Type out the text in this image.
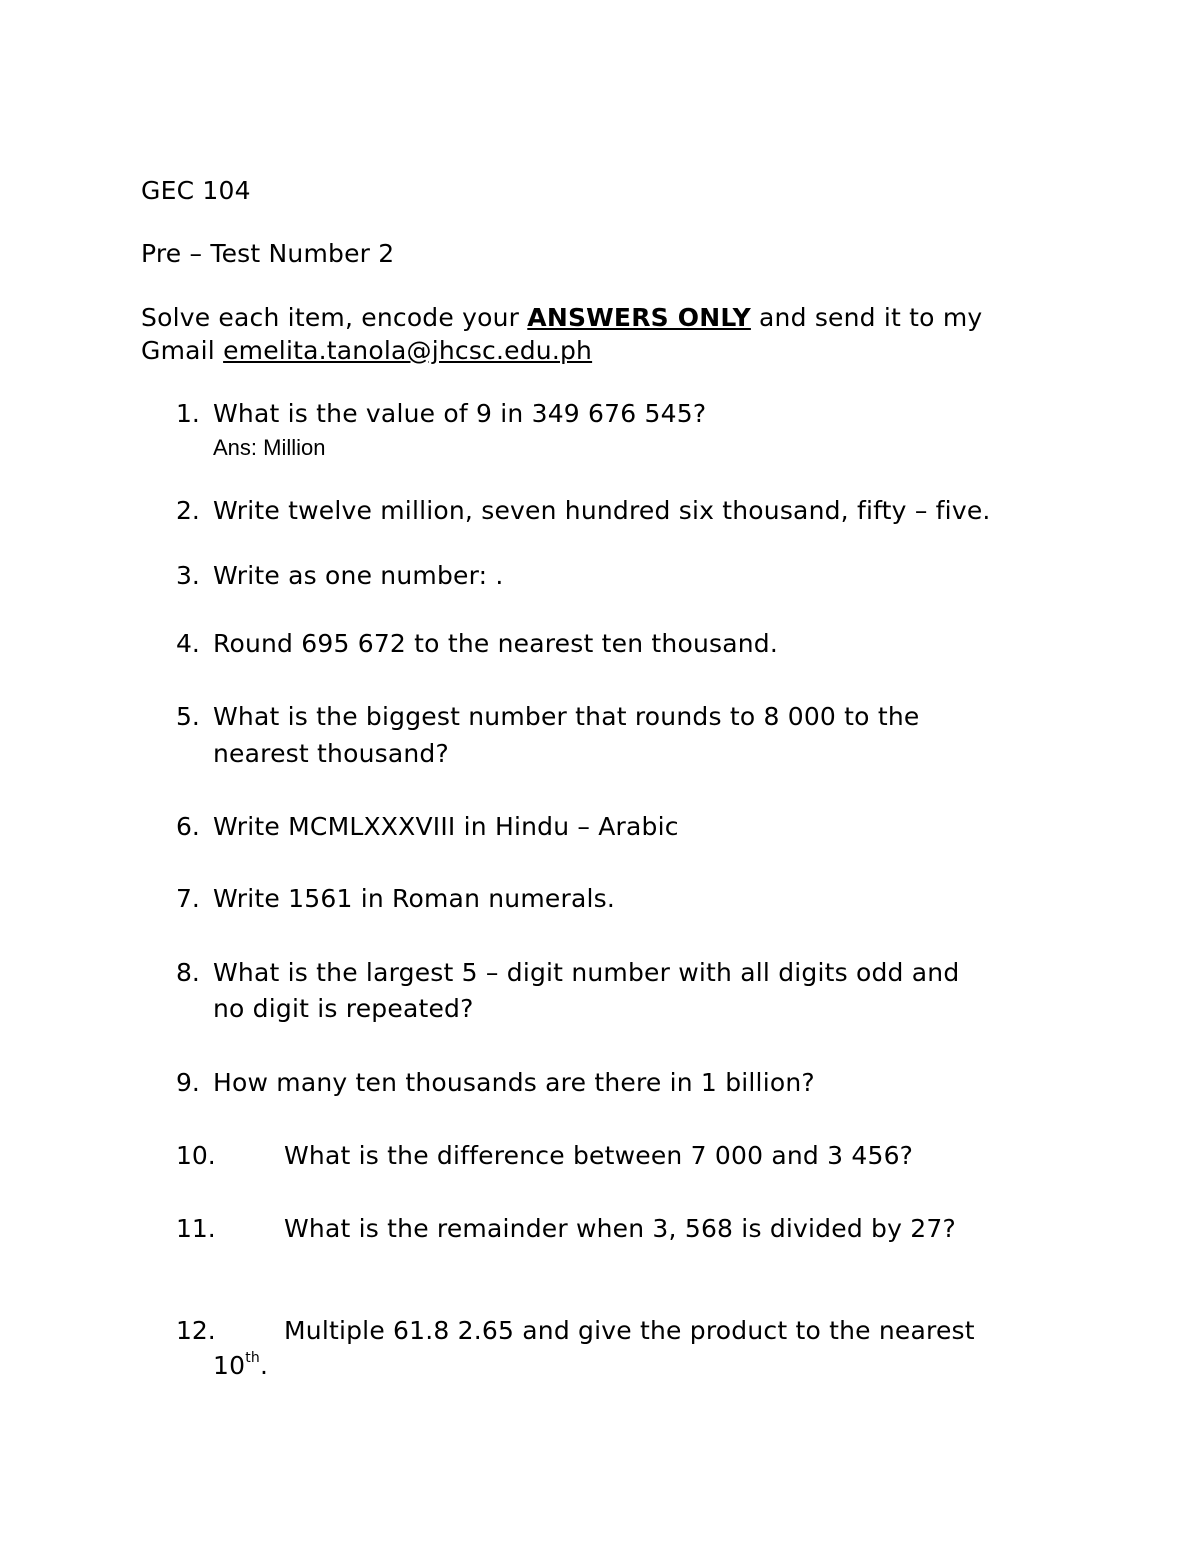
GEC 104
Pre – Test Number 2
Solve each item, encode your ANSWERS ONLY and send it to my
Gmail emelita.tanola@jhcsc.edu.ph
1. What is the value of 9 in 349 676 545?
Ans: Million
2. Write twelve million, seven hundred six thousand, fifty – five.
3. Write as one number: .
4. Round 695 672 to the nearest ten thousand.
5. What is the biggest number that rounds to 8 000 to the
nearest thousand?
6. Write MCMLXXXVIII in Hindu – Arabic
7. Write 1561 in Roman numerals.
8. What is the largest 5 – digit number with all digits odd and
no digit is repeated?
9. How many ten thousands are there in 1 billion?
10.	What is the difference between 7 000 and 3 456?
11.	What is the remainder when 3, 568 is divided by 27?
12.	Multiple 61.8 2.65 and give the product to the nearest
10th.
